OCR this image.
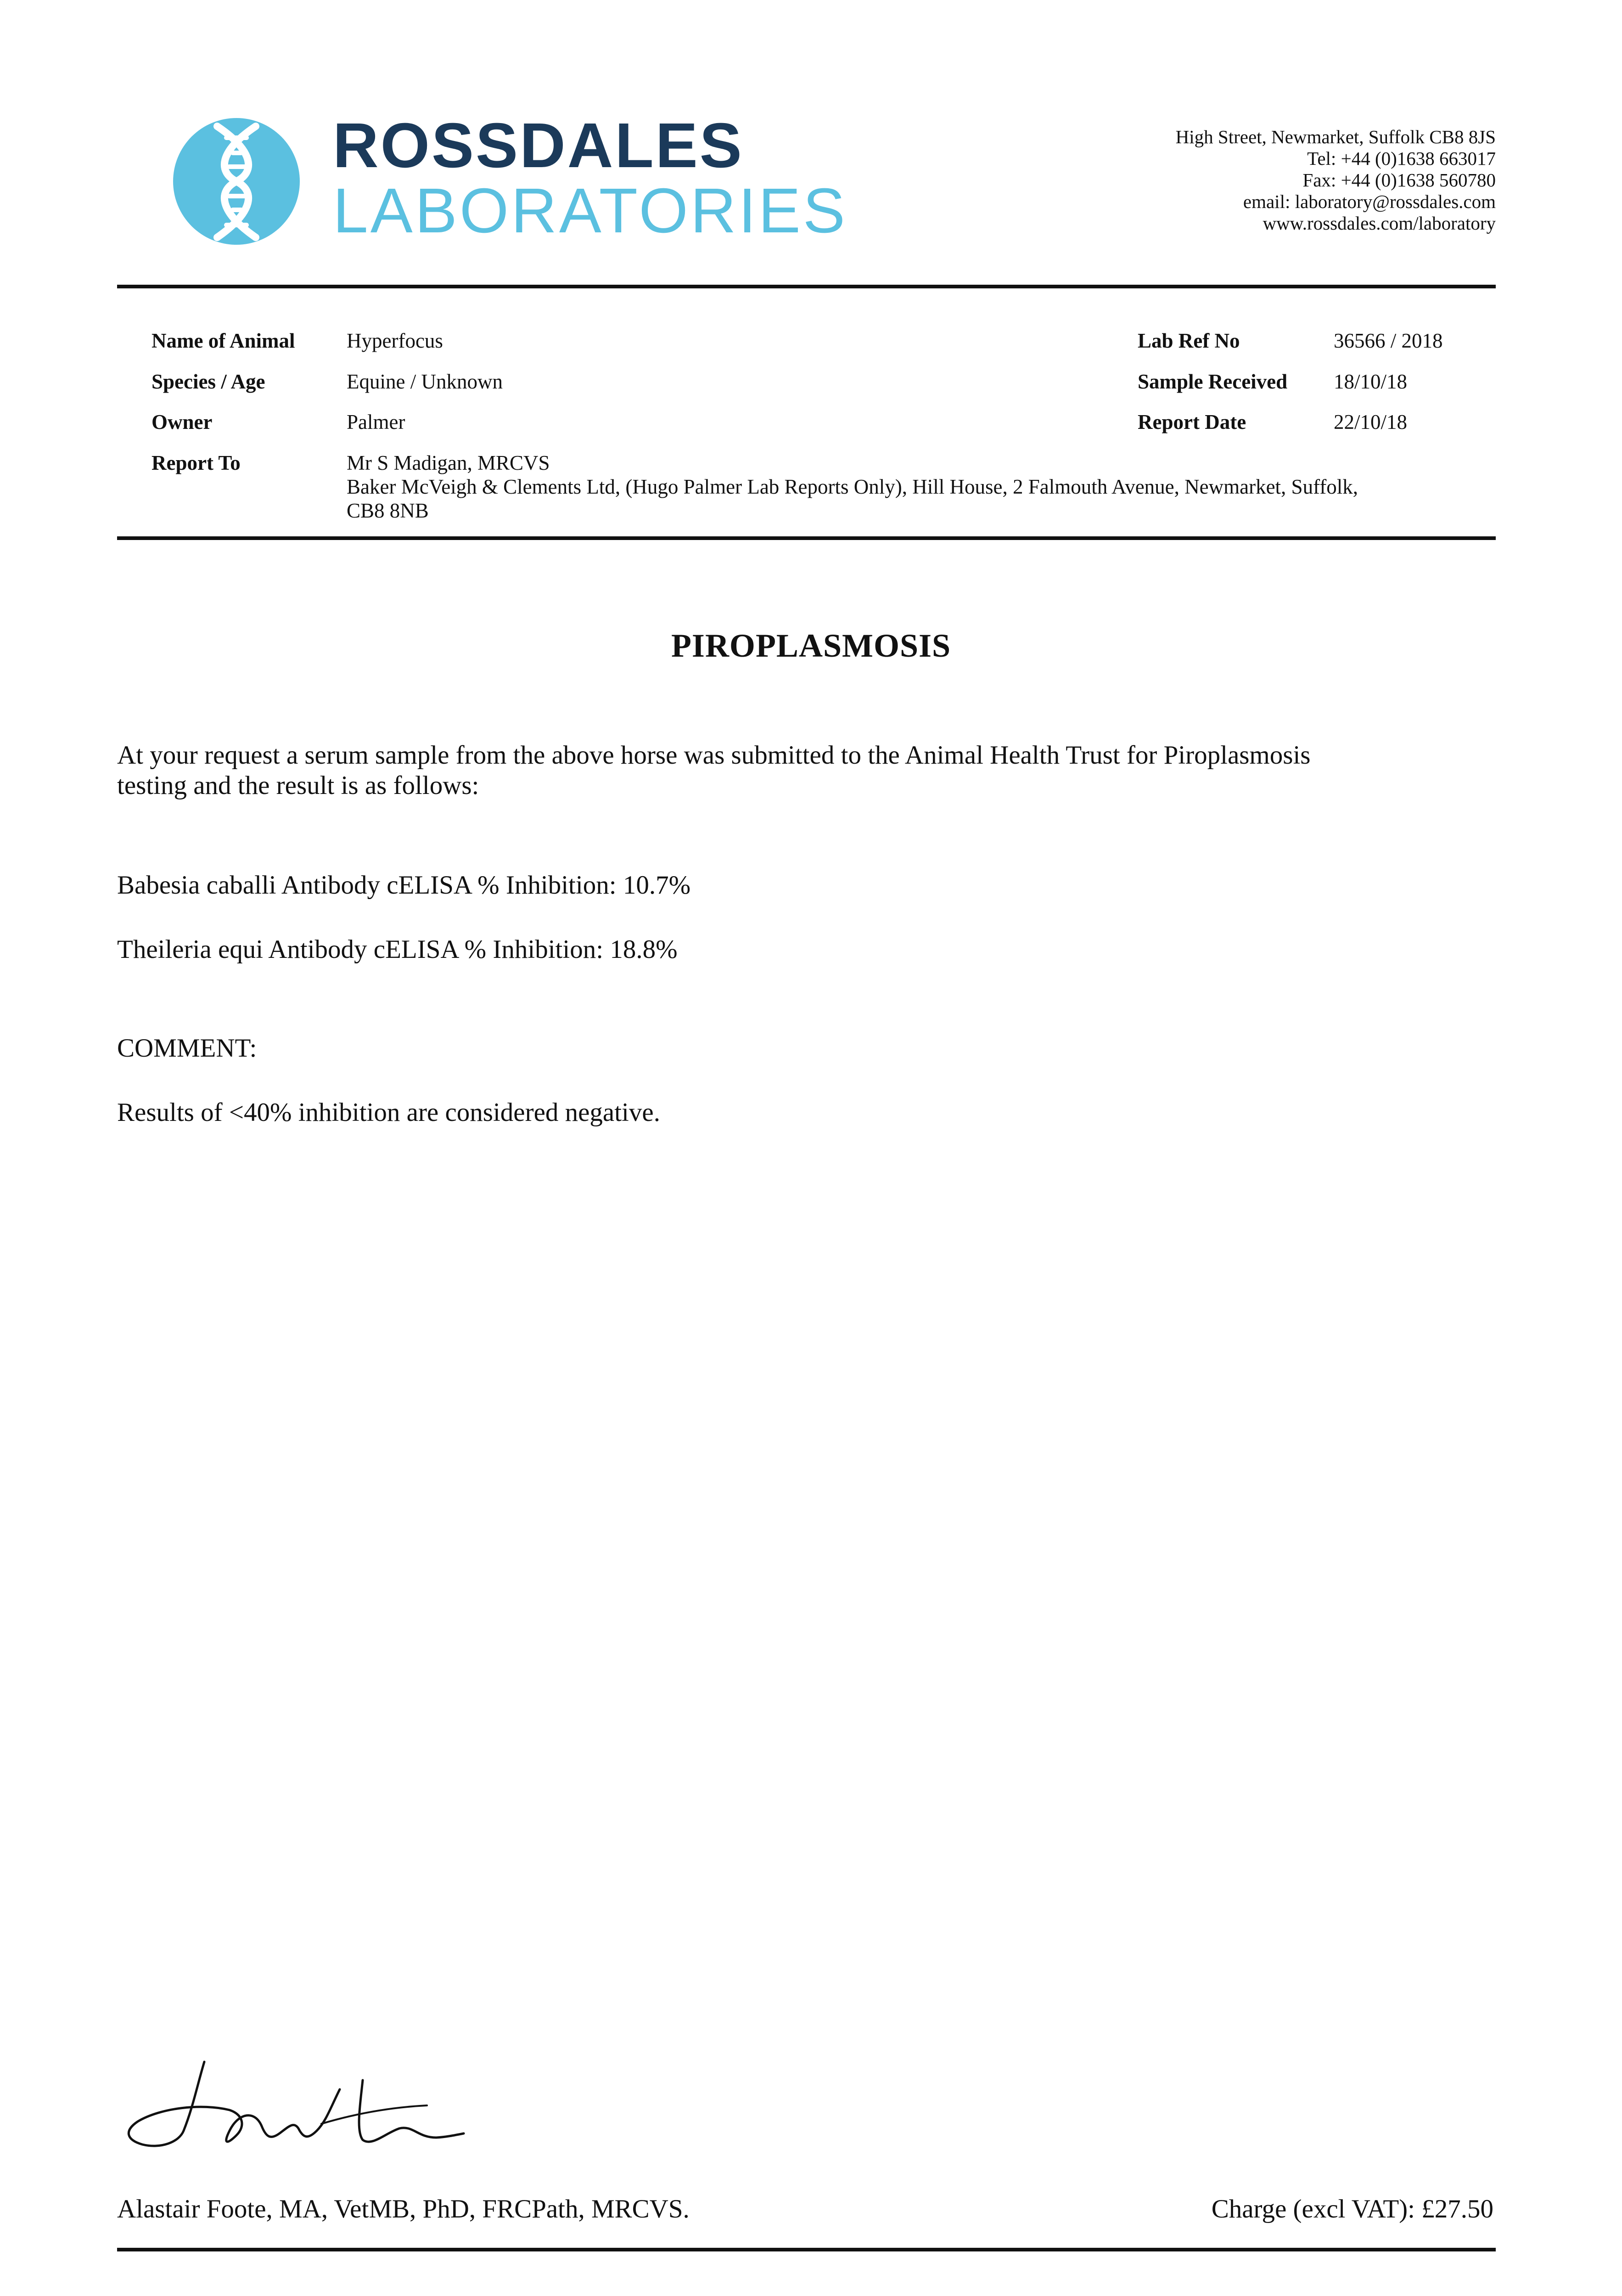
ROSSDALES
LABORATORIES
High Street, Newmarket, Suffolk CB8 8JS
Tel: +44 (0)1638 663017
Fax: +44 (0)1638 560780
email: laboratory@rossdales.com
www.rossdales.com/laboratory
Name of Animal	Hyperfocus
Species / Age	Equine / Unknown
Owner	Palmer
Report To	Mr S Madigan, MRCVS
Baker McVeigh & Clements Ltd, (Hugo Palmer Lab Reports Only), Hill House, 2 Falmouth Avenue, Newmarket, Suffolk,
CB8 8NB
Lab Ref No	36566 / 2018
Sample Received 18/10/18
Report Date	22/10/18
PIROPLASMOSIS
At your request a serum sample from the above horse was submitted to the Animal Health Trust for Piroplasmosis
testing and the result is as follows:
Babesia caballi Antibody cELISA % Inhibition: 10.7%
Theileria equi Antibody cELISA % Inhibition: 18.8%
COMMENT:
Results of <40% inhibition are considered negative.
Alastair Foote, MA, VetMB, PhD, FRCPath, MRCVS.	Charge (excl VAT): £27.50
